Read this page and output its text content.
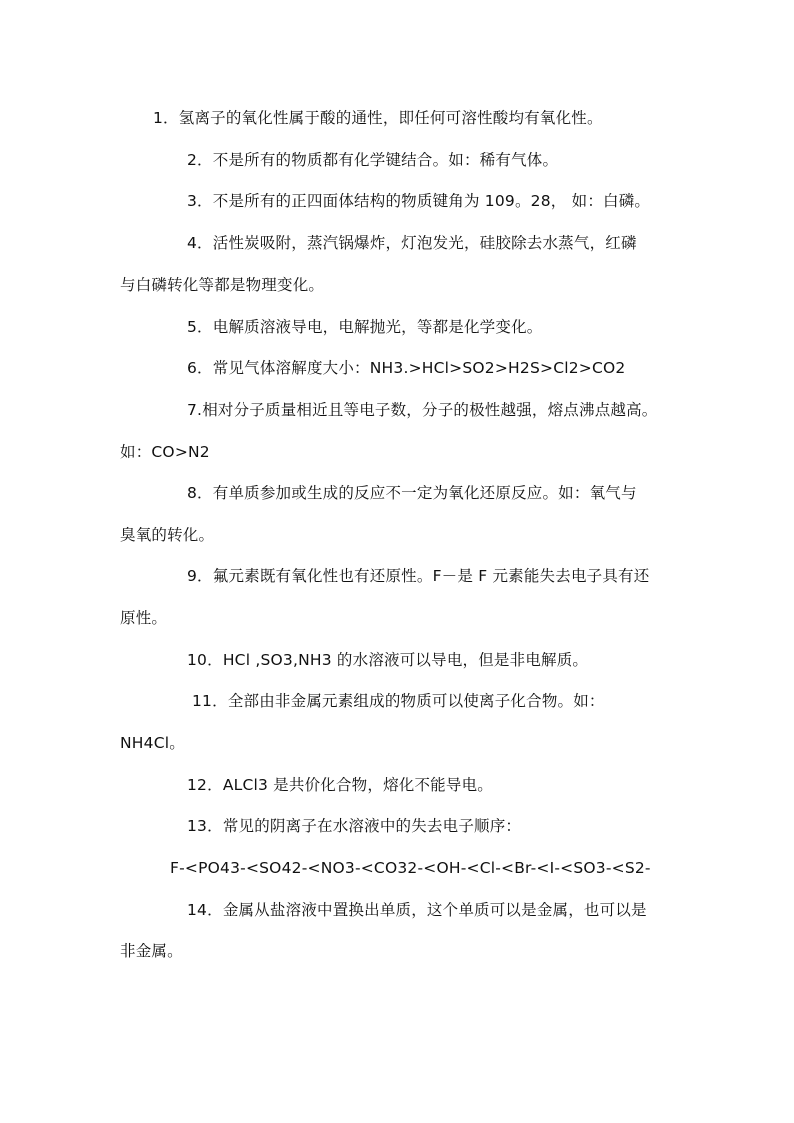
1．氢离子的氧化性属于酸的通性，即任何可溶性酸均有氧化性。
2．不是所有的物质都有化学键结合。如：稀有气体。
3．不是所有的正四面体结构的物质键角为 109。28， 如：白磷。
4．活性炭吸附，蒸汽锅爆炸，灯泡发光，硅胶除去水蒸气，红磷
与白磷转化等都是物理变化。
5．电解质溶液导电，电解抛光，等都是化学变化。
6．常见气体溶解度大小：NH3.>HCl>SO2>H2S>Cl2>CO2
7.相对分子质量相近且等电子数，分子的极性越强，熔点沸点越高。
如：CO>N2
8．有单质参加或生成的反应不一定为氧化还原反应。如：氧气与
臭氧的转化。
9．氟元素既有氧化性也有还原性。F－是 F 元素能失去电子具有还
原性。
10．HCl ,SO3,NH3 的水溶液可以导电，但是非电解质。
11．全部由非金属元素组成的物质可以使离子化合物。如：
NH4Cl。
12．ALCl3 是共价化合物，熔化不能导电。
13．常见的阴离子在水溶液中的失去电子顺序：
F-<PO43-<SO42-<NO3-<CO32-<OH-<Cl-<Br-<I-<SO3-<S2-
14．金属从盐溶液中置换出单质，这个单质可以是金属，也可以是
非金属。
